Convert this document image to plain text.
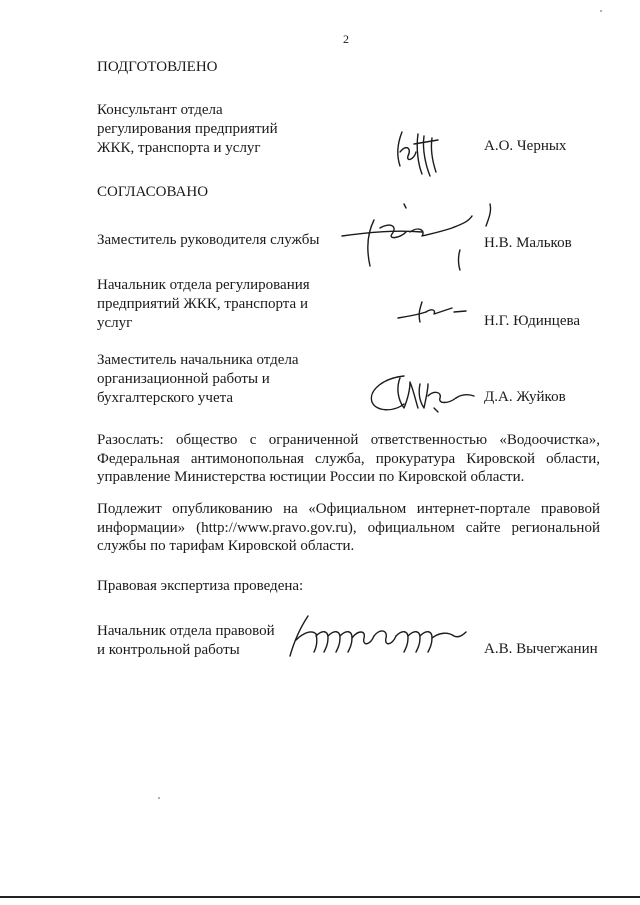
2
ПОДГОТОВЛЕНО
Консультант отдела
регулирования предприятий
ЖКК, транспорта и услуг	А.О. Черных
СОГЛАСОВАНО
Заместитель руководителя службы	Н.В. Мальков
Начальник отдела регулирования
предприятий ЖКК, транспорта и
услуг	Н.Г. Юдинцева
Заместитель начальника отдела
организационной работы и
бухгалтерского учета	Д.А. Жуйков
Разослать: общество с ограниченной ответственностью «Водоочистка», Федеральная антимонопольная служба, прокуратура Кировской области, управление Министерства юстиции России по Кировской области.
Подлежит опубликованию на «Официальном интернет-портале правовой информации» (http://www.pravo.gov.ru), официальном сайте региональной службы по тарифам Кировской области.
Правовая экспертиза проведена:
Начальник отдела правовой
и контрольной работы	А.В. Вычегжанин
